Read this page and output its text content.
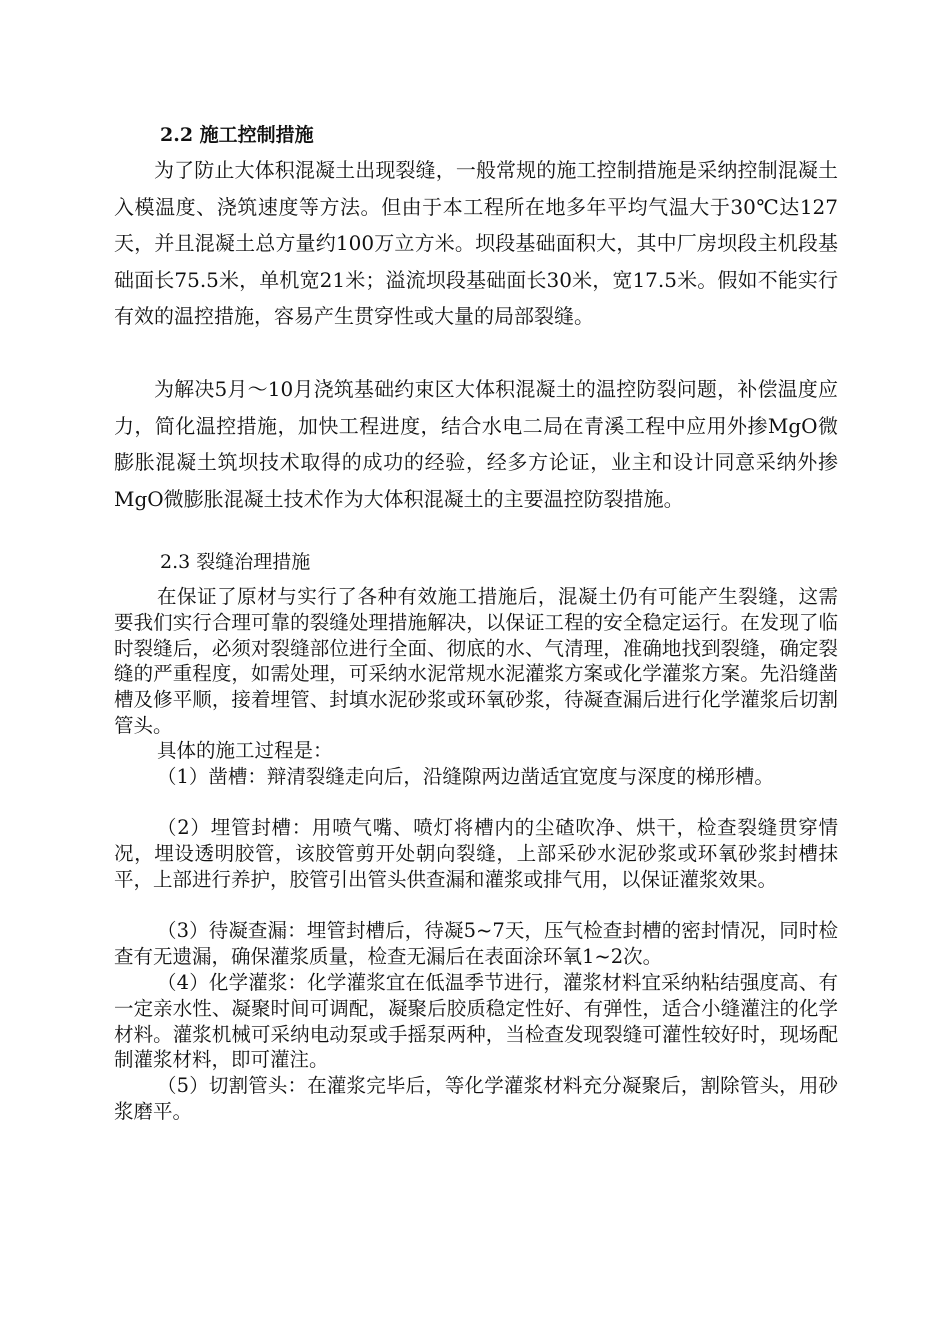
2.2 施工控制措施

为了防止大体积混凝土出现裂缝，一般常规的施工控制措施是采纳控制混凝土入模温度、浇筑速度等方法。但由于本工程所在地多年平均气温大于30℃达127天，并且混凝土总方量约100万立方米。坝段基础面积大，其中厂房坝段主机段基础面长75.5米，单机宽21米；溢流坝段基础面长30米，宽17.5米。假如不能实行有效的温控措施，容易产生贯穿性或大量的局部裂缝。

为解决5月～10月浇筑基础约束区大体积混凝土的温控防裂问题，补偿温度应力，简化温控措施，加快工程进度，结合水电二局在青溪工程中应用外掺MgO微膨胀混凝土筑坝技术取得的成功的经验，经多方论证，业主和设计同意采纳外掺MgO微膨胀混凝土技术作为大体积混凝土的主要温控防裂措施。

2.3 裂缝治理措施

在保证了原材与实行了各种有效施工措施后，混凝土仍有可能产生裂缝，这需要我们实行合理可靠的裂缝处理措施解决，以保证工程的安全稳定运行。在发现了临时裂缝后，必须对裂缝部位进行全面、彻底的水、气清理，准确地找到裂缝，确定裂缝的严重程度，如需处理，可采纳水泥常规水泥灌浆方案或化学灌浆方案。先沿缝凿槽及修平顺，接着埋管、封填水泥砂浆或环氧砂浆，待凝查漏后进行化学灌浆后切割管头。

具体的施工过程是：

（1）凿槽：辩清裂缝走向后，沿缝隙两边凿适宜宽度与深度的梯形槽。

（2）埋管封槽：用喷气嘴、喷灯将槽内的尘碴吹净、烘干，检查裂缝贯穿情况，埋设透明胶管，该胶管剪开处朝向裂缝，上部采砂水泥砂浆或环氧砂浆封槽抹平，上部进行养护，胶管引出管头供查漏和灌浆或排气用，以保证灌浆效果。

（3）待凝查漏：埋管封槽后，待凝5~7天，压气检查封槽的密封情况，同时检查有无遗漏，确保灌浆质量，检查无漏后在表面涂环氧1~2次。

（4）化学灌浆：化学灌浆宜在低温季节进行，灌浆材料宜采纳粘结强度高、有一定亲水性、凝聚时间可调配，凝聚后胶质稳定性好、有弹性，适合小缝灌注的化学材料。灌浆机械可采纳电动泵或手摇泵两种，当检查发现裂缝可灌性较好时，现场配制灌浆材料，即可灌注。

（5）切割管头：在灌浆完毕后，等化学灌浆材料充分凝聚后，割除管头，用砂浆磨平。
